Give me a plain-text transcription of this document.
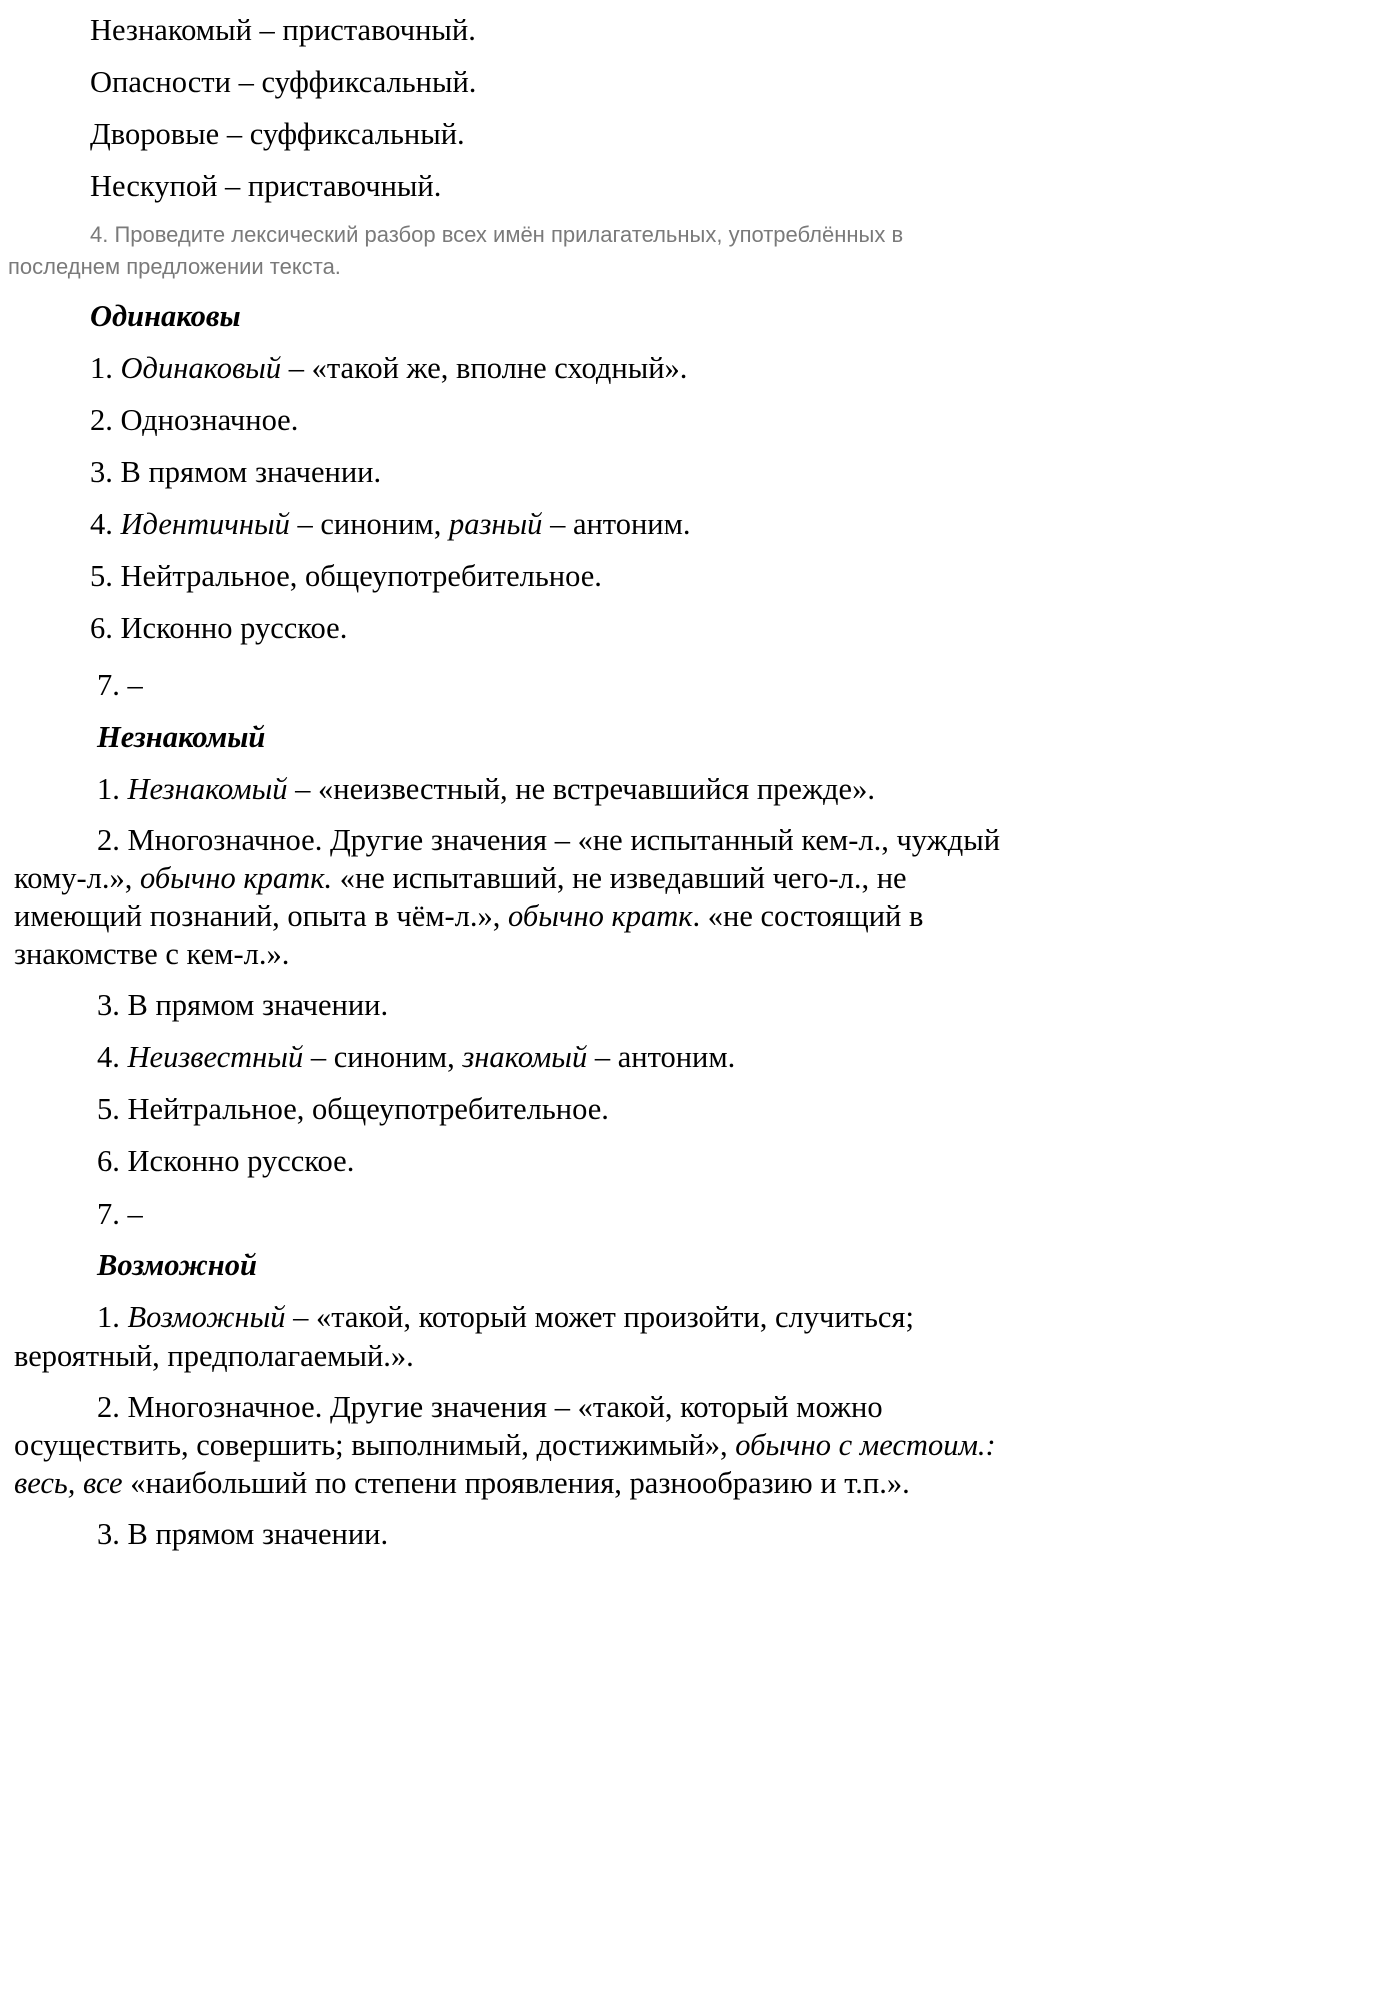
Незнакомый – приставочный.
Опасности – суффиксальный.
Дворовые – суффиксальный.
Нескупой – приставочный.
4. Проведите лексический разбор всех имён прилагательных, употреблённых в
последнем предложении текста.
Одинаковы
1. Одинаковый – «такой же, вполне сходный».
2. Однозначное.
3. В прямом значении.
4. Идентичный – синоним, разный – антоним.
5. Нейтральное, общеупотребительное.
6. Исконно русское.
7. –
Незнакомый
1. Незнакомый – «неизвестный, не встречавшийся прежде».
2. Многозначное. Другие значения – «не испытанный кем-л., чуждый
кому-л.», обычно кратк. «не испытавший, не изведавший чего-л., не
имеющий познаний, опыта в чём-л.», обычно кратк. «не состоящий в
знакомстве с кем-л.».
3. В прямом значении.
4. Неизвестный – синоним, знакомый – антоним.
5. Нейтральное, общеупотребительное.
6. Исконно русское.
7. –
Возможной
1. Возможный – «такой, который может произойти, случиться;
вероятный, предполагаемый.».
2. Многозначное. Другие значения – «такой, который можно
осуществить, совершить; выполнимый, достижимый», обычно с местоим.:
весь, все «наибольший по степени проявления, разнообразию и т.п.».
3. В прямом значении.
